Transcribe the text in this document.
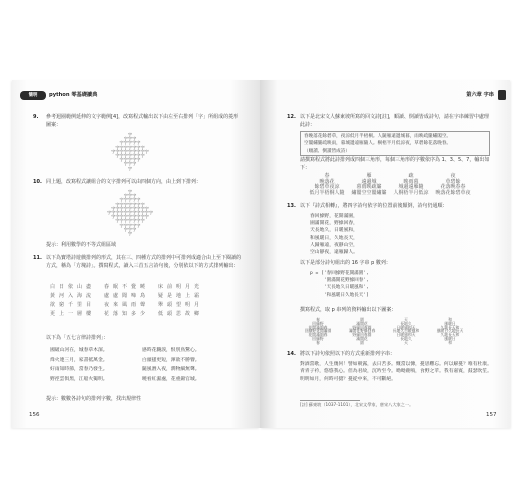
簡明	python 零基礎讀典
9. 參考迴圈範例延伸的文字範例[4]，改寫程式輸出以下由左至右排列「字」所組成的菱形圖案：
字
字字字
字字字字字
字字字字字字字
字字字字字字字字字
字字字字字字字
字字字字字
字字字
字
10. 同上題，改寫程式讓組合的文字排列可以由四個方向，由上到下排列：
字
字字字
字字字字字
字字字字字字字
字字字字字字字字字
字字字字字字字字字字字
字字字字字字字字字
字字字字字字字
字字字字字
字字字
字
提示：利用數學的不等式組區域
11. 以下為寶塔詩遊戲排列的形式，其在三、四種方式的排列中可排列成適合由上至下閱讀的方式，稱為「方塊詩」。撰寫程式，讀入三首五言詩句後，分別依以下的方式排列輸出：
白日依山盡
黃河入海流
欲窮千里目
更上一層樓
春眠不覺曉
處處聞啼鳥
夜來風雨聲
花落知多少
床前明月光
疑是地上霜
舉頭望明月
低頭思故鄉
以下為「五七言律詩排列」：
國破山河在，城春草木深。
烽火連三月，家書抵萬金。
好雨知時節，當春乃發生。
野徑雲俱黑，江船火獨明。
感時花濺淚，恨別鳥驚心。
白頭搔更短，渾欲不勝簪。
隨風潛入夜，潤物細無聲。
曉看紅濕處，花重錦官城。
提示：數數各詩句的排列字數，找出規律性
156
第六章 字串
12. 以下是北宋文人蘇東坡所寫的回文詩[註]，順讀、倒讀皆成詩句，請在字串練習中處理此詩：
春晚落花餘碧草，夜涼低月半梧桐。人隨雁遠邊城暮，雨映疏簾繡閣空。
空閣繡簾疏映雨，暮城邊遠雁隨人。桐梧半月低涼夜，草碧餘花落晚春。
（順讀、倒讀皆成詩）
請撰寫程式將此詩排列成四個三角形，每個三角形的字數依序為 1、3、5、7，輸出如下：
春
晚落花
餘碧草夜涼
低月半梧桐人隨
雁
遠邊城
暮雨映疏簾
繡閣空空閣繡簾
疏
映雨暮
城邊遠雁隨
人桐梧半月低涼
夜
草碧餘
花落晚春春
晚落花餘碧草夜
13. 以下『詩式相轉』，將四字詩句依字的位置前後顛倒，詩句仍通順：
春回綠野，花開滿園，
園滿開花，野綠回春，
天長地久，日暖風和，
和風暖日，久地長天，
人歸雁遠，夜靜山空，
空山靜夜，遠雁歸人。
以下是部分詩句組出的 16 字串 p 數列：
p = ['春回綠野花開滿園',
'園滿開花野綠回春',
'天長地久日暖風和',
'和風暖日久地長天']
撰寫程式，取 p 串列的資料輸出以下圖案：
春
回綠野
花開滿園春
回綠野花開滿園
花開滿園春
回綠野
春
園
滿開花
野綠回春園
滿開花野綠回春
野綠回春園
滿開花
園
天
長地久
日暖風和天
長地久日暖風和
日暖風和天
長地久
天
和
風暖日
久地長天和
風暖日久地長天
久地長天和
風暖日
和
14. 將以下詩句依照以下的方式重新排列字串：
對酒當歌，人生幾何！譬如朝露，去日苦多。慨當以慷，憂思難忘。何以解憂？唯有杜康。青青子衿，悠悠我心。但為君故，沉吟至今。呦呦鹿鳴，食野之苹。我有嘉賓，鼓瑟吹笙。明明如月，何時可掇？憂從中來，不可斷絕。
[註] 蘇東坡（1037-1101），北宋文學家，唐宋八大家之一。
157
